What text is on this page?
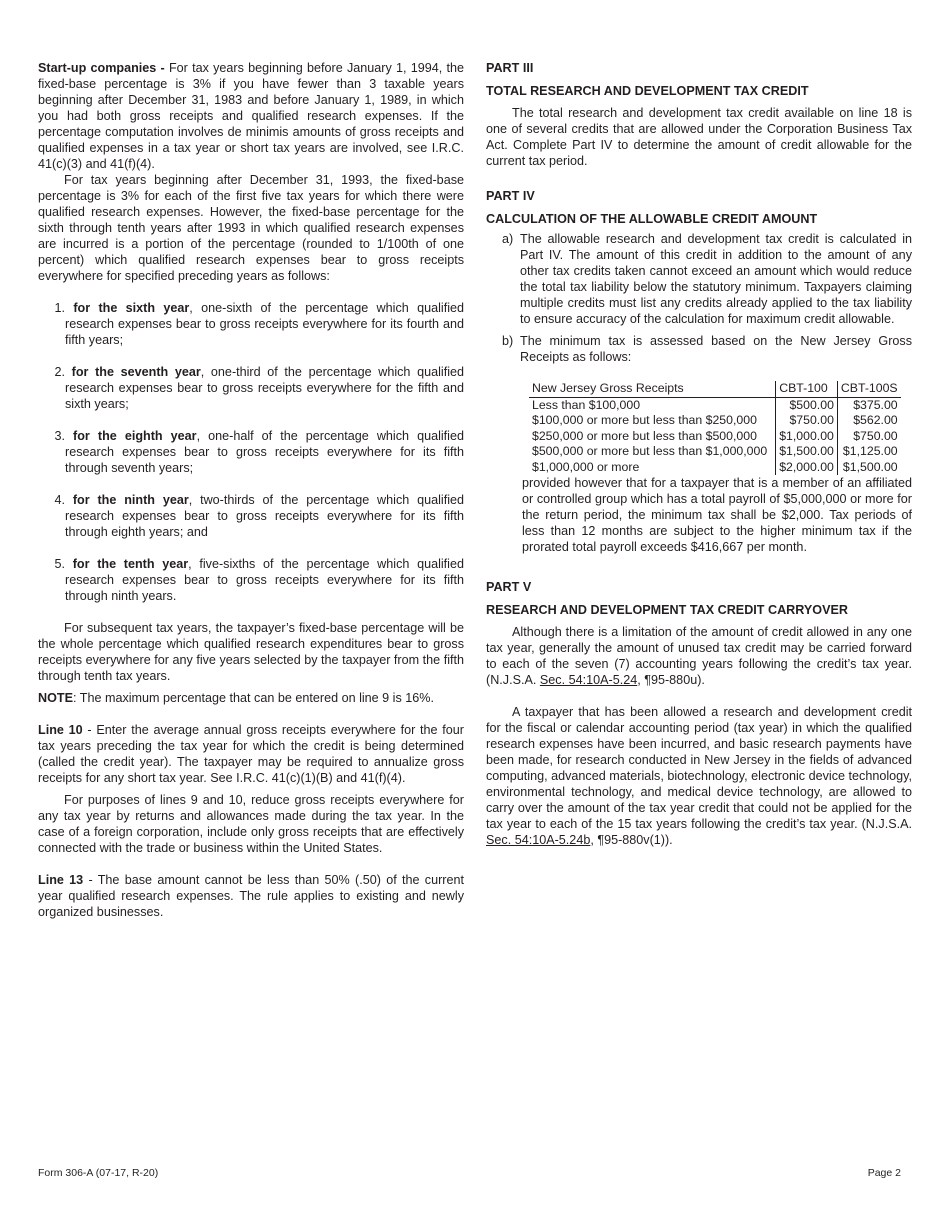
Start-up companies - For tax years beginning before January 1, 1994, the fixed-base percentage is 3% if you have fewer than 3 taxable years beginning after December 31, 1983 and before January 1, 1989, in which you had both gross receipts and qualified research expenses. If the percentage computation involves de minimis amounts of gross receipts and qualified expenses in a tax year or short tax years are involved, see I.R.C. 41(c)(3) and 41(f)(4).

For tax years beginning after December 31, 1993, the fixed-base percentage is 3% for each of the first five tax years for which there were qualified research expenses. However, the fixed-base percentage for the sixth through tenth years after 1993 in which qualified research expenses are incurred is a portion of the percentage (rounded to 1/100th of one percent) which qualified research expenses bear to gross receipts everywhere for specified preceding years as follows:

1. for the sixth year, one-sixth of the percentage which qualified research expenses bear to gross receipts everywhere for its fourth and fifth years;
2. for the seventh year, one-third of the percentage which qualified research expenses bear to gross receipts everywhere for the fifth and sixth years;
3. for the eighth year, one-half of the percentage which qualified research expenses bear to gross receipts everywhere for its fifth through seventh years;
4. for the ninth year, two-thirds of the percentage which qualified research expenses bear to gross receipts everywhere for its fifth through eighth years; and
5. for the tenth year, five-sixths of the percentage which qualified research expenses bear to gross receipts everywhere for its fifth through ninth years.

For subsequent tax years, the taxpayer’s fixed-base percentage will be the whole percentage which qualified research expenditures bear to gross receipts everywhere for any five years selected by the taxpayer from the fifth through tenth tax years.

NOTE: The maximum percentage that can be entered on line 9 is 16%.

Line 10 - Enter the average annual gross receipts everywhere for the four tax years preceding the tax year for which the credit is being determined (called the credit year). The taxpayer may be required to annualize gross receipts for any short tax year. See I.R.C. 41(c)(1)(B) and 41(f)(4).

For purposes of lines 9 and 10, reduce gross receipts everywhere for any tax year by returns and allowances made during the tax year. In the case of a foreign corporation, include only gross receipts that are effectively connected with the trade or business within the United States.

Line 13 - The base amount cannot be less than 50% (.50) of the current year qualified research expenses. The rule applies to existing and newly organized businesses.

PART III

TOTAL RESEARCH AND DEVELOPMENT TAX CREDIT

The total research and development tax credit available on line 18 is one of several credits that are allowed under the Corporation Business Tax Act. Complete Part IV to determine the amount of credit allowable for the current tax period.

PART IV

CALCULATION OF THE ALLOWABLE CREDIT AMOUNT

a) The allowable research and development tax credit is calculated in Part IV. The amount of this credit in addition to the amount of any other tax credits taken cannot exceed an amount which would reduce the total tax liability below the statutory minimum. Taxpayers claiming multiple credits must list any credits already applied to the tax liability to ensure accuracy of the calculation for maximum credit allowable.
b) The minimum tax is assessed based on the New Jersey Gross Receipts as follows:
New Jersey Gross Receipts	CBT-100	CBT-100S
Less than $100,000	$500.00	$375.00
$100,000 or more but less than $250,000	$750.00	$562.00
$250,000 or more but less than $500,000	$1,000.00	$750.00
$500,000 or more but less than $1,000,000	$1,500.00	$1,125.00
$1,000,000 or more	$2,000.00	$1,500.00

provided however that for a taxpayer that is a member of an affiliated or controlled group which has a total payroll of $5,000,000 or more for the return period, the minimum tax shall be $2,000. Tax periods of less than 12 months are subject to the higher minimum tax if the prorated total payroll exceeds $416,667 per month.

PART V

RESEARCH AND DEVELOPMENT TAX CREDIT CARRYOVER

Although there is a limitation of the amount of credit allowed in any one tax year, generally the amount of unused tax credit may be carried forward to each of the seven (7) accounting years following the credit’s tax year. (N.J.S.A. Sec. 54:10A-5.24, ¶95-880u).

A taxpayer that has been allowed a research and development credit for the fiscal or calendar accounting period (tax year) in which the qualified research expenses have been incurred, and basic research payments have been made, for research conducted in New Jersey in the fields of advanced computing, advanced materials, biotechnology, electronic device technology, environmental technology, and medical device technology, are allowed to carry over the amount of the tax year credit that could not be applied for the tax year to each of the 15 tax years following the credit’s tax year. (N.J.S.A. Sec. 54:10A-5.24b, ¶95-880v(1)).

Form 306-A (07-17, R-20)	Page 2
